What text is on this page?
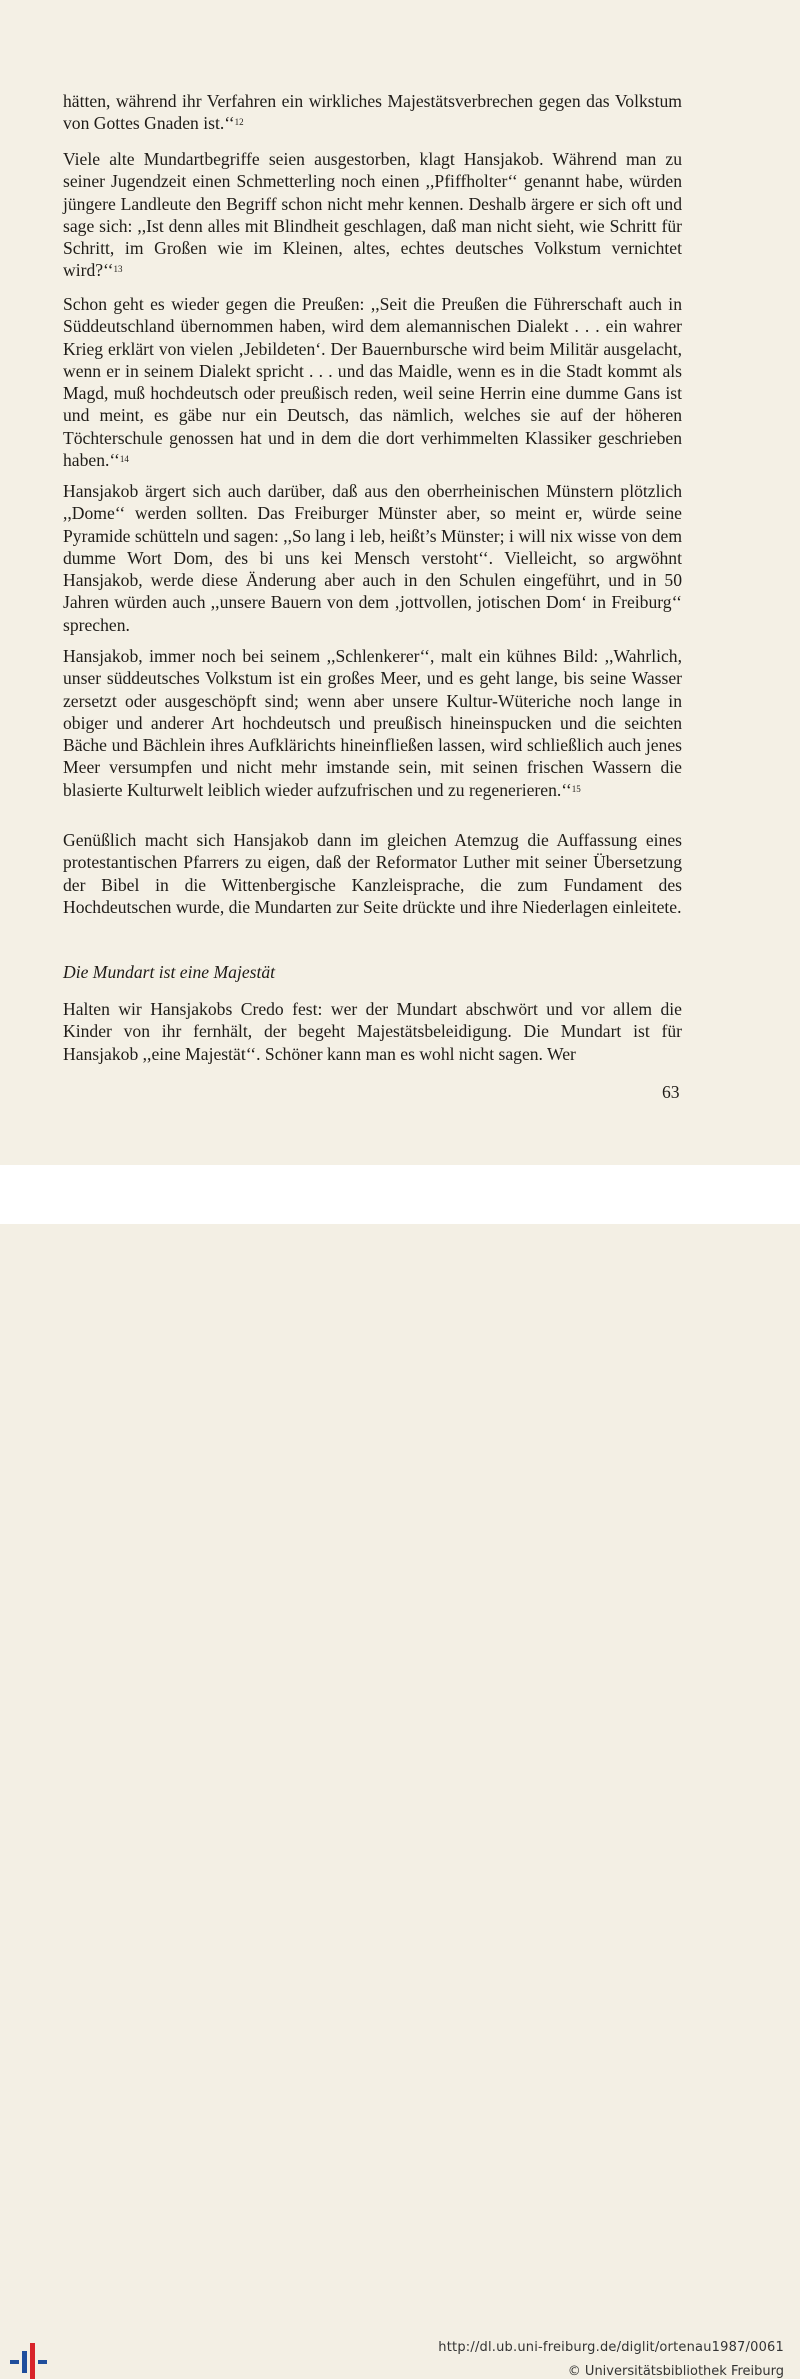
hätten, während ihr Verfahren ein wirkliches Majestätsverbrechen gegen das Volkstum von Gottes Gnaden ist.‘‘$^{12}$

Viele alte Mundartbegriffe seien ausgestorben, klagt Hansjakob. Während man zu seiner Jugendzeit einen Schmetterling noch einen ,,Pfiffholter‘‘ genannt habe, würden jüngere Landleute den Begriff schon nicht mehr kennen. Deshalb ärgere er sich oft und sage sich: ,,Ist denn alles mit Blindheit geschlagen, daß man nicht sieht, wie Schritt für Schritt, im Großen wie im Kleinen, altes, echtes deutsches Volkstum vernichtet wird?‘‘$^{13}$

Schon geht es wieder gegen die Preußen: ,,Seit die Preußen die Führerschaft auch in Süddeutschland übernommen haben, wird dem alemannischen Dialekt . . . ein wahrer Krieg erklärt von vielen ‚Jebildeten‘. Der Bauernbursche wird beim Militär ausgelacht, wenn er in seinem Dialekt spricht . . . und das Maidle, wenn es in die Stadt kommt als Magd, muß hochdeutsch oder preußisch reden, weil seine Herrin eine dumme Gans ist und meint, es gäbe nur ein Deutsch, das nämlich, welches sie auf der höheren Töchterschule genossen hat und in dem die dort verhimmelten Klassiker geschrieben haben.‘‘$^{14}$

Hansjakob ärgert sich auch darüber, daß aus den oberrheinischen Münstern plötzlich ,,Dome‘‘ werden sollten. Das Freiburger Münster aber, so meint er, würde seine Pyramide schütteln und sagen: ,,So lang i leb, heißt’s Münster; i will nix wisse von dem dumme Wort Dom, des bi uns kei Mensch verstoht‘‘. Vielleicht, so argwöhnt Hansjakob, werde diese Änderung aber auch in den Schulen eingeführt, und in 50 Jahren würden auch ,,unsere Bauern von dem ‚jottvollen, jotischen Dom‘ in Freiburg‘‘ sprechen.

Hansjakob, immer noch bei seinem ,,Schlenkerer‘‘, malt ein kühnes Bild: ,,Wahrlich, unser süddeutsches Volkstum ist ein großes Meer, und es geht lange, bis seine Wasser zersetzt oder ausgeschöpft sind; wenn aber unsere Kultur-Wüteriche noch lange in obiger und anderer Art hochdeutsch und preußisch hineinspucken und die seichten Bäche und Bächlein ihres Aufklärichts hineinfließen lassen, wird schließlich auch jenes Meer versumpfen und nicht mehr imstande sein, mit seinen frischen Wassern die blasierte Kulturwelt leiblich wieder aufzufrischen und zu regenerieren.‘‘$^{15}$

Genüßlich macht sich Hansjakob dann im gleichen Atemzug die Auffassung eines protestantischen Pfarrers zu eigen, daß der Reformator Luther mit seiner Übersetzung der Bibel in die Wittenbergische Kanzleisprache, die zum Fundament des Hochdeutschen wurde, die Mundarten zur Seite drückte und ihre Niederlagen einleitete.

Die Mundart ist eine Majestät

Halten wir Hansjakobs Credo fest: wer der Mundart abschwört und vor allem die Kinder von ihr fernhält, der begeht Majestätsbeleidigung. Die Mundart ist für Hansjakob ,,eine Majestät‘‘. Schöner kann man es wohl nicht sagen. Wer

63
http://dl.ub.uni-freiburg.de/diglit/ortenau1987/0061
© Universitätsbibliothek Freiburg
